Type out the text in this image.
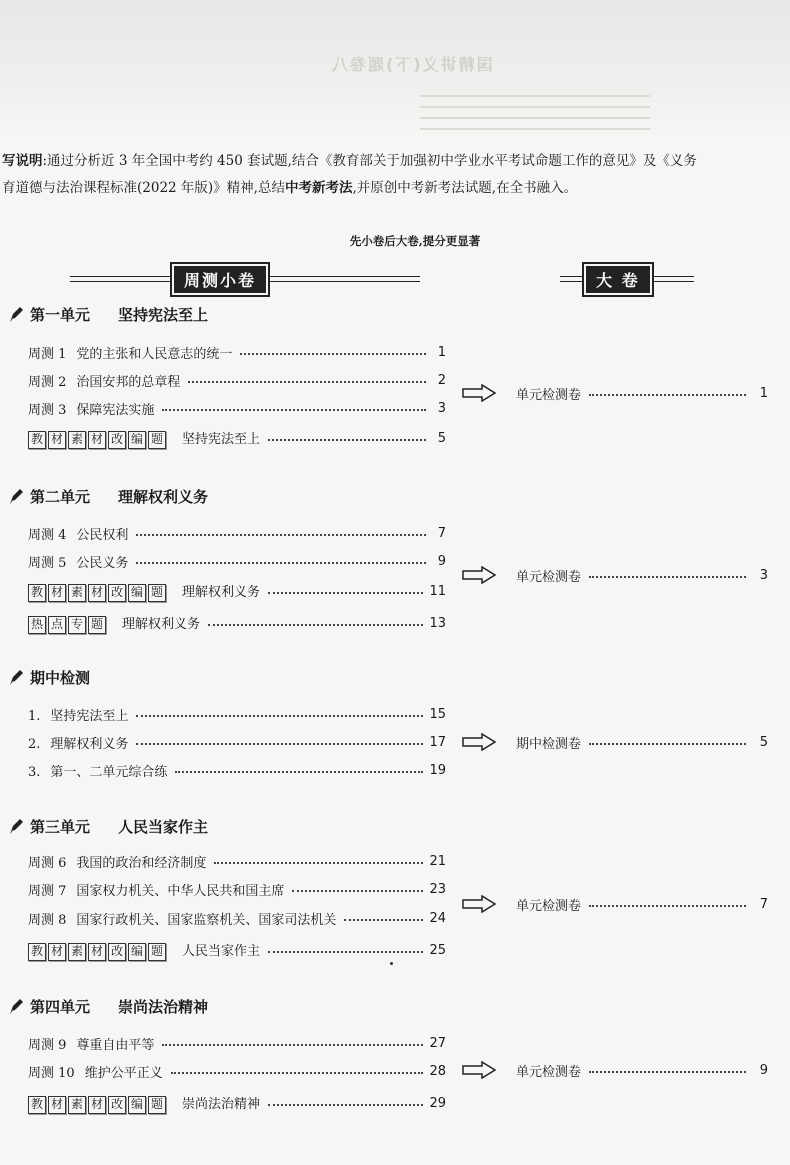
国精讲义(下)题卷八
写说明:通过分析近 3 年全国中考约 450 套试题,结合《教育部关于加强初中学业水平考试命题工作的意见》及《义务
育道德与法治课程标准(2022 年版)》精神,总结中考新考法,并原创中考新考法试题,在全书融入。
先小卷后大卷,提分更显著
周测小卷	大 卷
第一单元 坚持宪法至上
周测 1 党的主张和人民意志的统一	1
周测 2 治国安邦的总章程	2
周测 3 保障宪法实施	3
教 材 素 材 改 编 题 坚持宪法至上	5
单元检测卷	1
第二单元 理解权利义务
周测 4 公民权利	7
周测 5 公民义务	9
教 材 素 材 改 编 题 理解权利义务	11
热 点 专 题 理解权利义务	13
单元检测卷	3
期中检测
1. 坚持宪法至上	15
2. 理解权利义务	17
3. 第一、二单元综合练	19
期中检测卷	5
第三单元 人民当家作主
周测 6 我国的政治和经济制度	21
周测 7 国家权力机关、中华人民共和国主席	23
周测 8 国家行政机关、国家监察机关、国家司法机关	24
教 材 素 材 改 编 题 人民当家作主	25
单元检测卷	7
第四单元 崇尚法治精神
周测 9 尊重自由平等	27
周测 10 维护公平正义	28
教 材 素 材 改 编 题 崇尚法治精神	29
单元检测卷	9
